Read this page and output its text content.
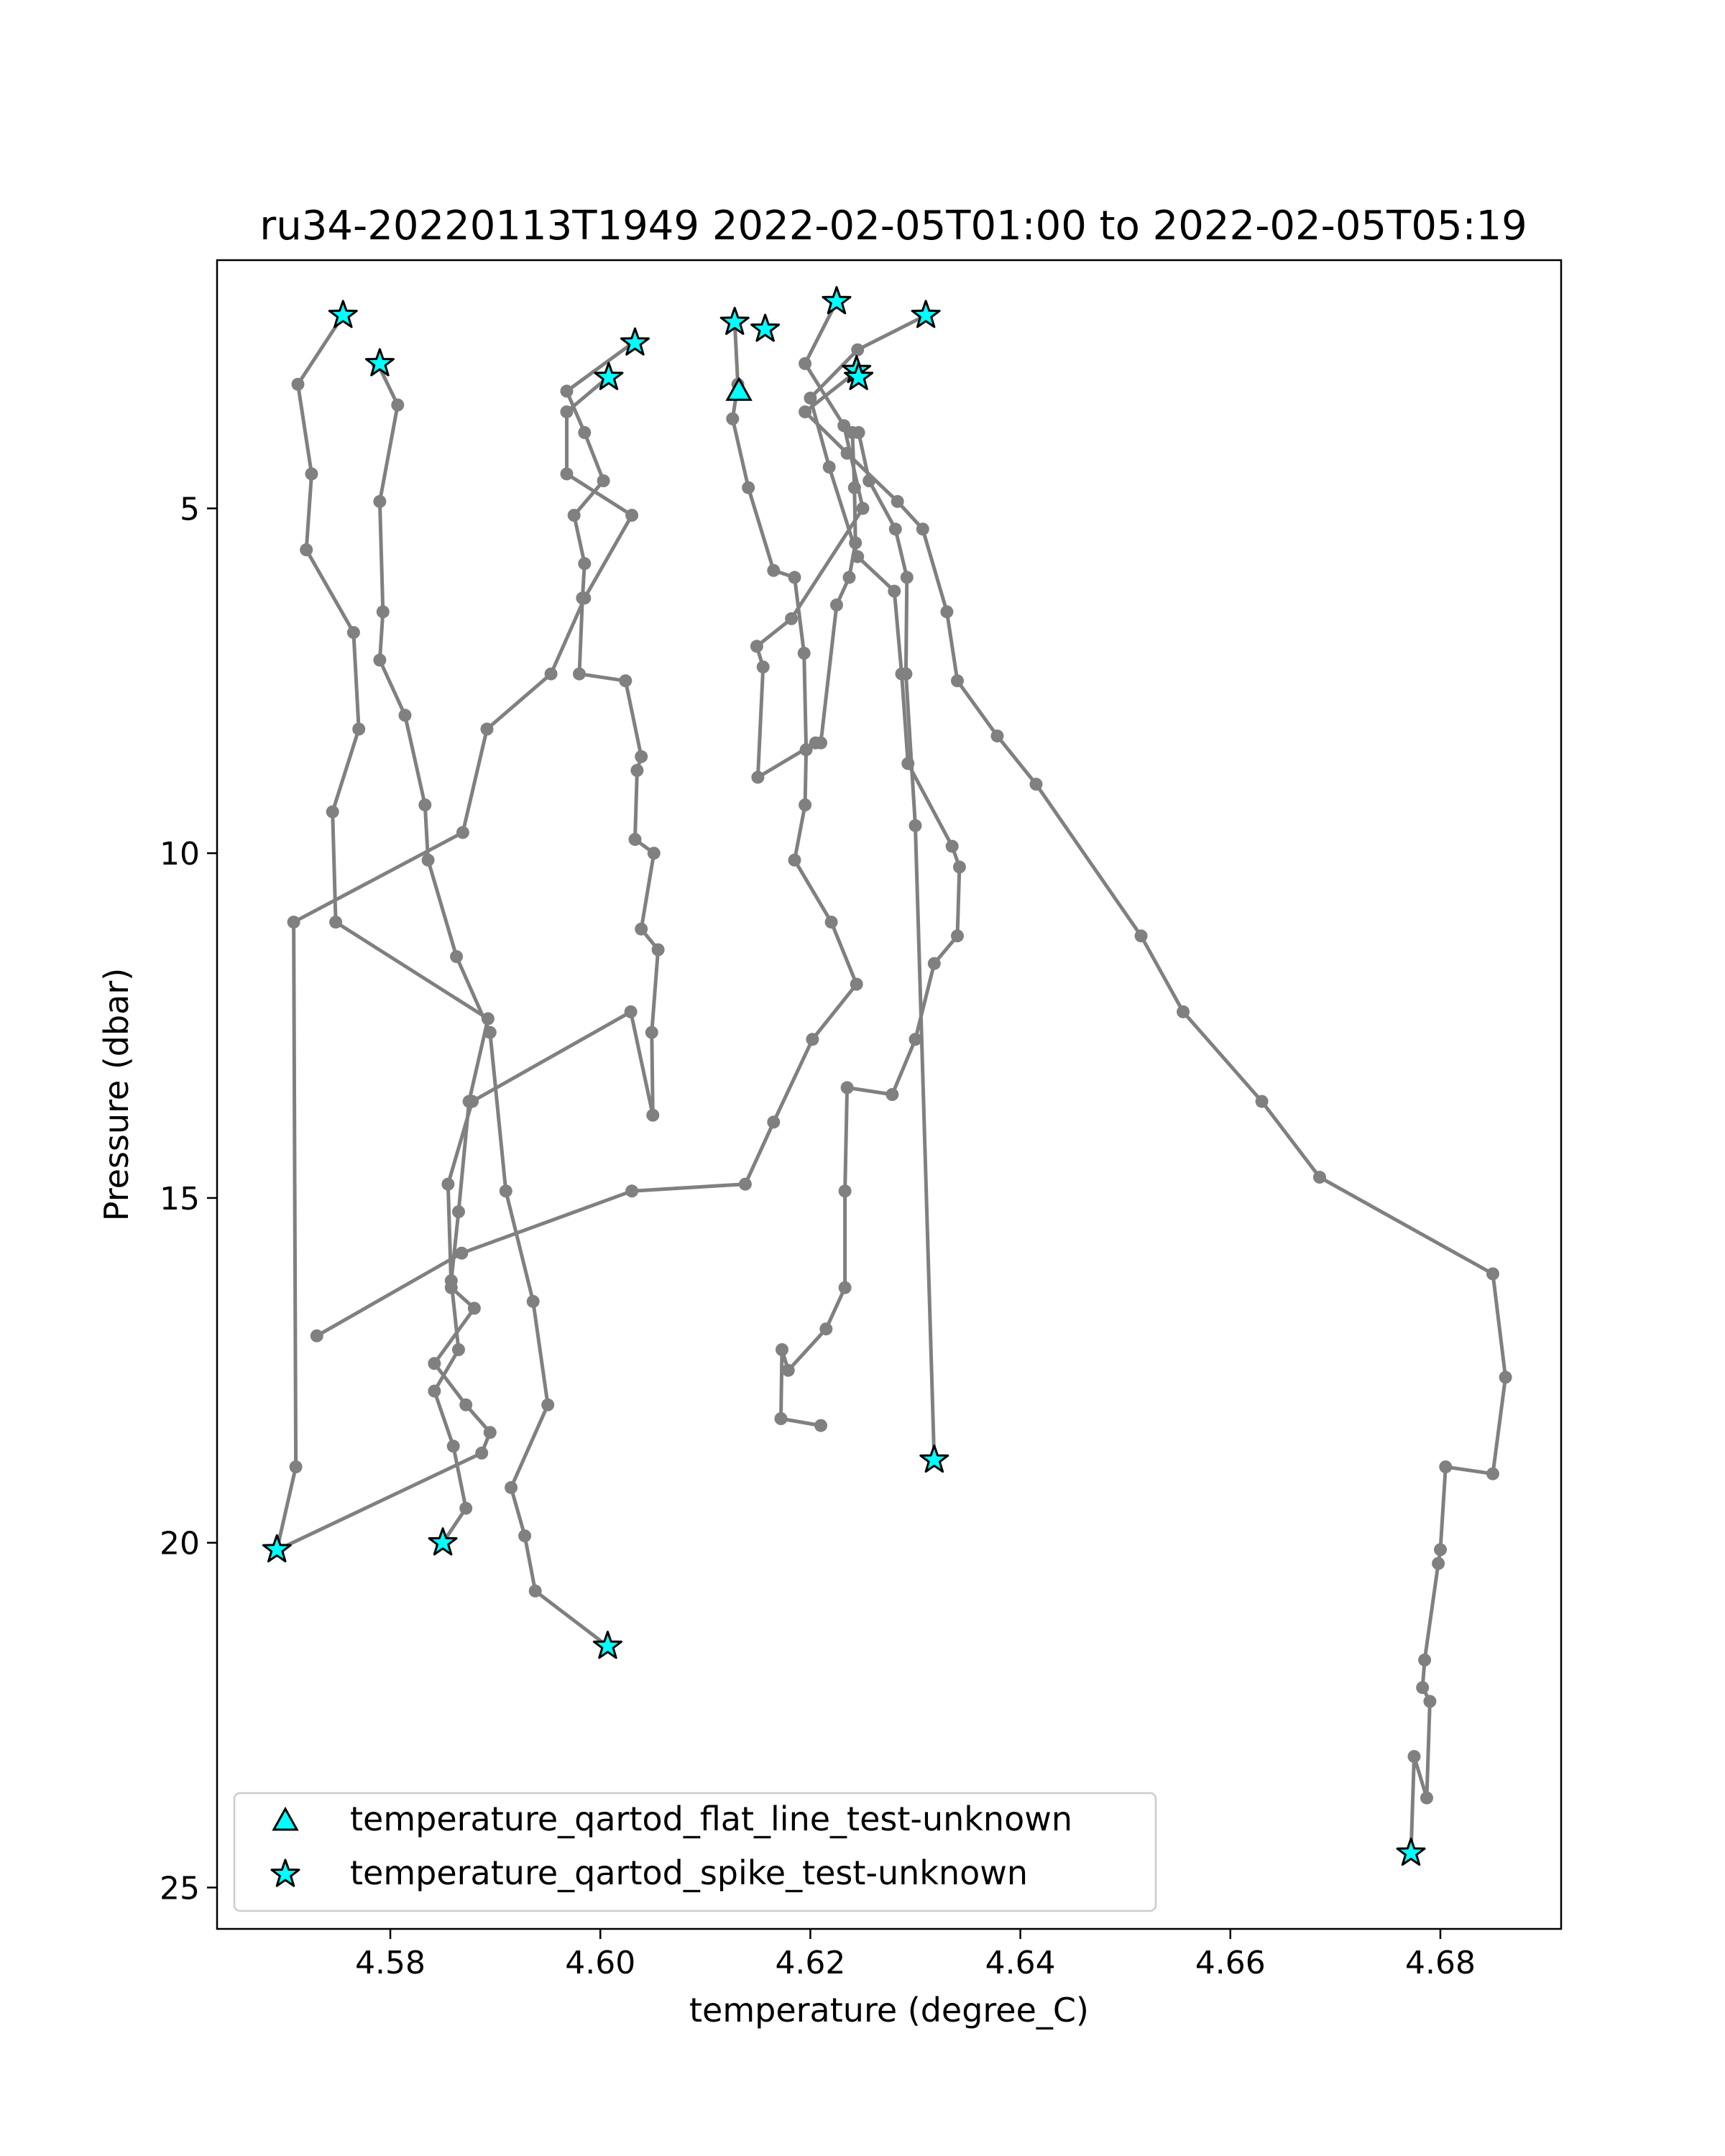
ru34-20220113T1949 2022-02-05T01:00 to 2022-02-05T05:19
4.58	4.60	4.62	4.64	4.66	4.68
5
10
15
20
25
temperature (degree_C)
Pressure (dbar)
temperature_qartod_flat_line_test-unknown
temperature_qartod_spike_test-unknown
